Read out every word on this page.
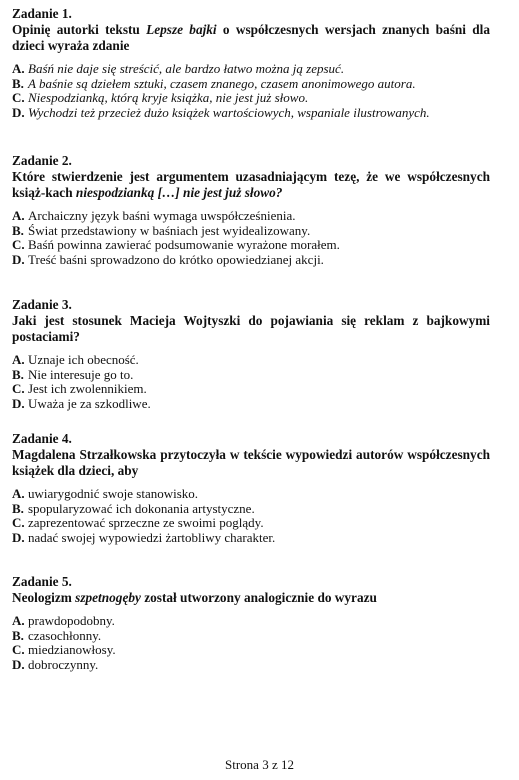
Zadanie 1.

Opinię autorki tekstu Lepsze bajki o współczesnych wersjach znanych baśni dla dzieci wyraża zdanie

A. Baśń nie daje się streścić, ale bardzo łatwo można ją zepsuć.
B. A baśnie są dziełem sztuki, czasem znanego, czasem anonimowego autora.
C. Niespodzianką, którą kryje książka, nie jest już słowo.
D. Wychodzi też przecież dużo książek wartościowych, wspaniale ilustrowanych.

Zadanie 2.

Które stwierdzenie jest argumentem uzasadniającym tezę, że we współczesnych książ-kach niespodzianką […] nie jest już słowo?

A. Archaiczny język baśni wymaga uwspółcześnienia.
B. Świat przedstawiony w baśniach jest wyidealizowany.
C. Baśń powinna zawierać podsumowanie wyrażone morałem.
D. Treść baśni sprowadzono do krótko opowiedzianej akcji.

Zadanie 3.

Jaki jest stosunek Macieja Wojtyszki do pojawiania się reklam z bajkowymi postaciami?

A. Uznaje ich obecność.
B. Nie interesuje go to.
C. Jest ich zwolennikiem.
D. Uważa je za szkodliwe.

Zadanie 4.

Magdalena Strzałkowska przytoczyła w tekście wypowiedzi autorów współczesnych książek dla dzieci, aby

A. uwiarygodnić swoje stanowisko.
B. spopularyzować ich dokonania artystyczne.
C. zaprezentować sprzeczne ze swoimi poglądy.
D. nadać swojej wypowiedzi żartobliwy charakter.

Zadanie 5.

Neologizm szpetnogęby został utworzony analogicznie do wyrazu

A. prawdopodobny.
B. czasochłonny.
C. miedzianowłosy.
D. dobroczynny.
Strona 3 z 12
